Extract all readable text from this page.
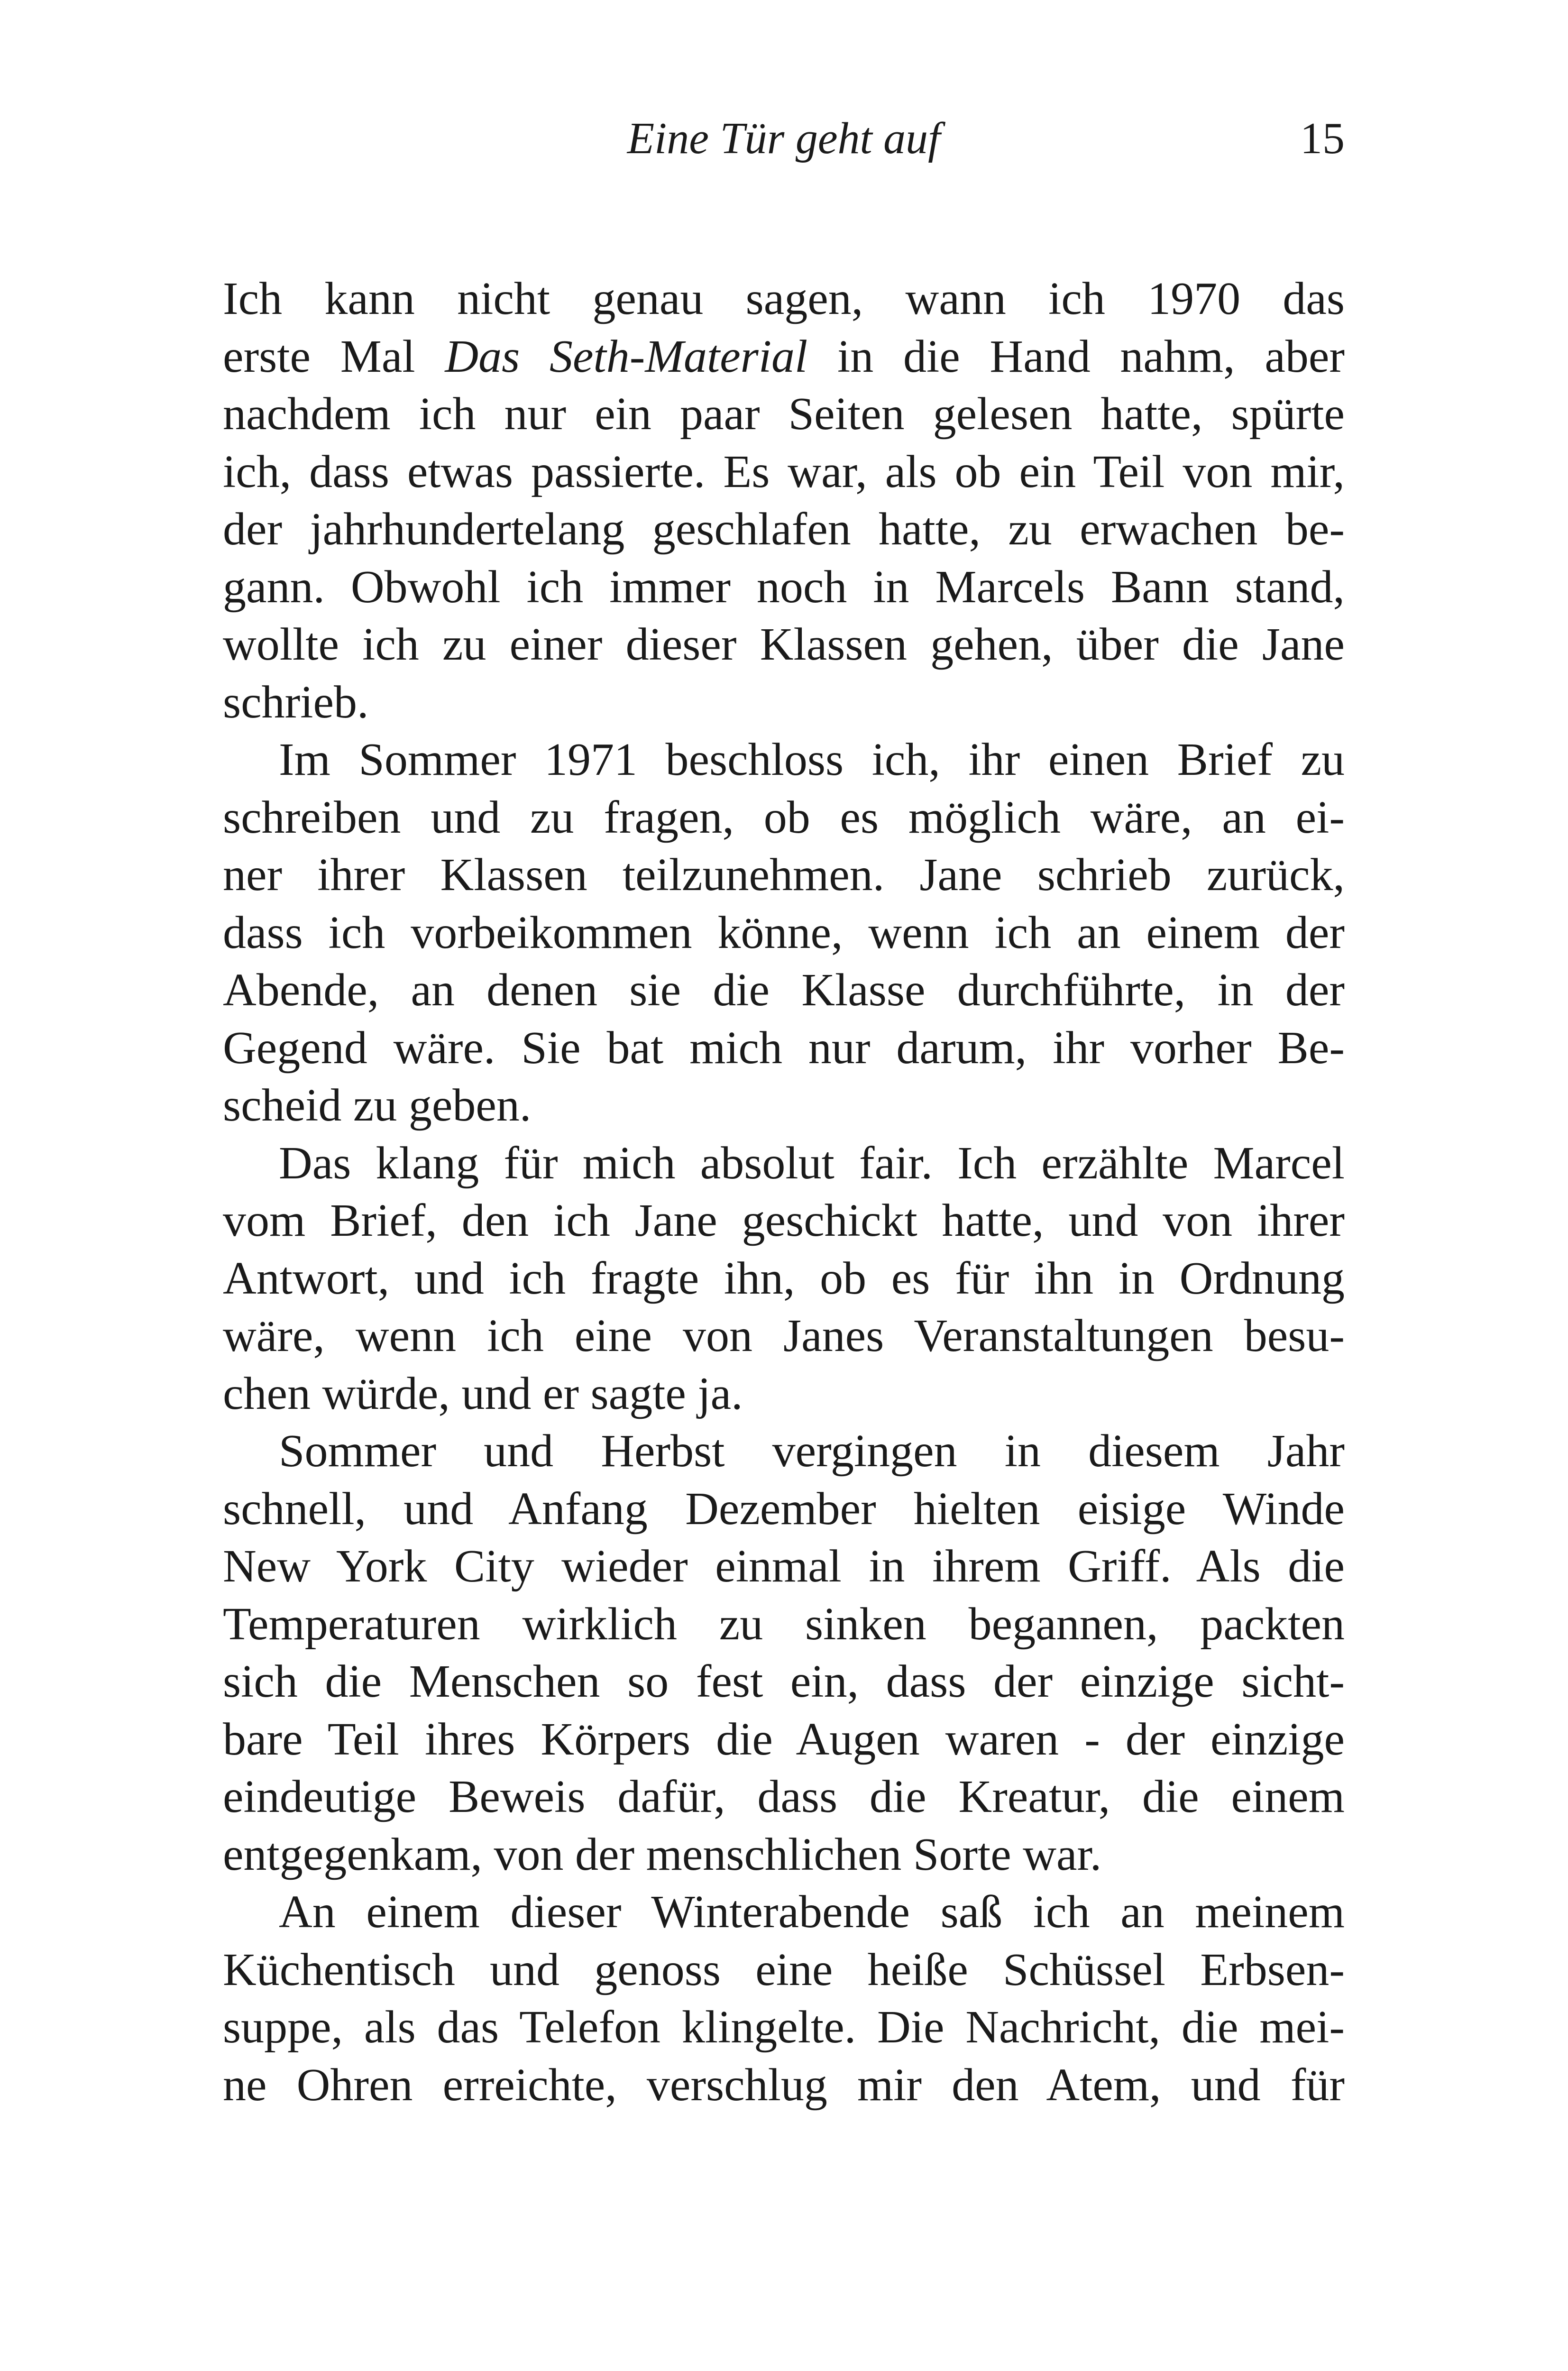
Eine Tür geht auf	15
Ich kann nicht genau sagen, wann ich 1970 das
erste Mal Das Seth-Material in die Hand nahm, aber
nachdem ich nur ein paar Seiten gelesen hatte, spürte
ich, dass etwas passierte. Es war, als ob ein Teil von mir,
der jahrhundertelang geschlafen hatte, zu erwachen be-
gann. Obwohl ich immer noch in Marcels Bann stand,
wollte ich zu einer dieser Klassen gehen, über die Jane
schrieb.
Im Sommer 1971 beschloss ich, ihr einen Brief zu
schreiben und zu fragen, ob es möglich wäre, an ei-
ner ihrer Klassen teilzunehmen. Jane schrieb zurück,
dass ich vorbeikommen könne, wenn ich an einem der
Abende, an denen sie die Klasse durchführte, in der
Gegend wäre. Sie bat mich nur darum, ihr vorher Be-
scheid zu geben.
Das klang für mich absolut fair. Ich erzählte Marcel
vom Brief, den ich Jane geschickt hatte, und von ihrer
Antwort, und ich fragte ihn, ob es für ihn in Ordnung
wäre, wenn ich eine von Janes Veranstaltungen besu-
chen würde, und er sagte ja.
Sommer und Herbst vergingen in diesem Jahr
schnell, und Anfang Dezember hielten eisige Winde
New York City wieder einmal in ihrem Griff. Als die
Temperaturen wirklich zu sinken begannen, packten
sich die Menschen so fest ein, dass der einzige sicht-
bare Teil ihres Körpers die Augen waren - der einzige
eindeutige Beweis dafür, dass die Kreatur, die einem
entgegenkam, von der menschlichen Sorte war.
An einem dieser Winterabende saß ich an meinem
Küchentisch und genoss eine heiße Schüssel Erbsen-
suppe, als das Telefon klingelte. Die Nachricht, die mei-
ne Ohren erreichte, verschlug mir den Atem, und für
